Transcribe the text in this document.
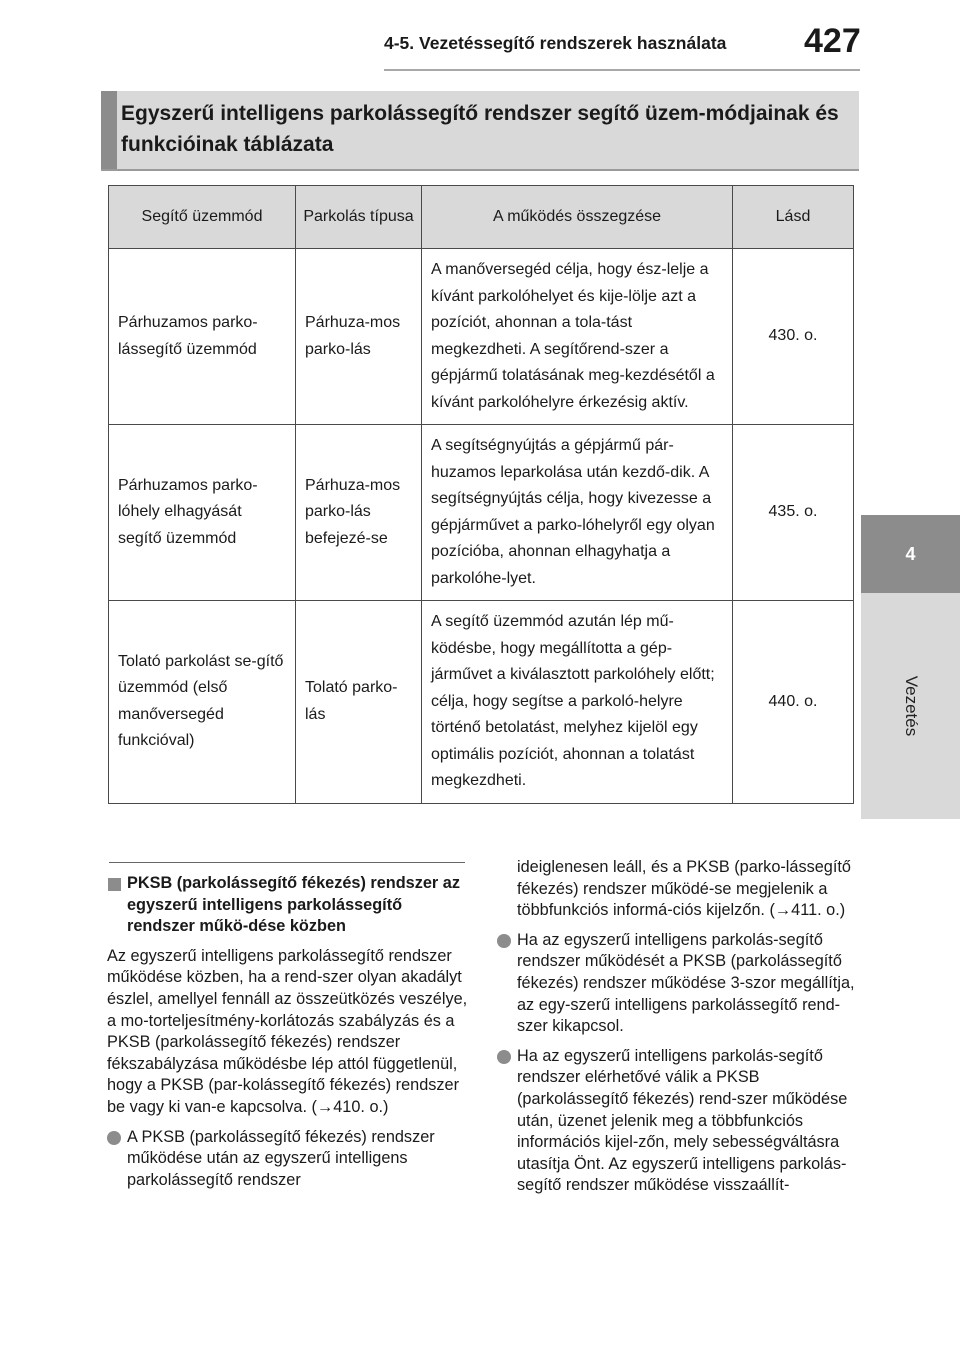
4-5. Vezetéssegítő rendszerek használata 427
4
Vezetés
Egyszerű intelligens parkolássegítő rendszer segítő üzem-módjainak és funkcióinak táblázata
Segítő üzemmód	Parkolás típusa	A működés összegzése	Lásd
Párhuzamos parko-lássegítő üzemmód	Párhuza-mos parko-lás	A manőversegéd célja, hogy ész-lelje a kívánt parkolóhelyet és kije-lölje azt a pozíciót, ahonnan a tola-tást megkezdheti. A segítőrend-szer a gépjármű tolatásának meg-kezdésétől a kívánt parkolóhelyre érkezésig aktív.	430. o.
Párhuzamos parko-lóhely elhagyását segítő üzemmód	Párhuza-mos parko-lás befejezé-se	A segítségnyújtás a gépjármű pár-huzamos leparkolása után kezdő-dik. A segítségnyújtás célja, hogy kivezesse a gépjárművet a parko-lóhelyről egy olyan pozícióba, ahonnan elhagyhatja a parkolóhe-lyet.	435. o.
Tolató parkolást se-gítő üzemmód (első manőversegéd funkcióval)	Tolató parko-lás	A segítő üzemmód azután lép mű-ködésbe, hogy megállította a gép-járművet a kiválasztott parkolóhely előtt; célja, hogy segítse a parkoló-helyre történő betolatást, melyhez kijelöl egy optimális pozíciót, ahonnan a tolatást megkezdheti.	440. o.

PKSB (parkolássegítő fékezés) rendszer az egyszerű intelligens parkolássegítő rendszer műkö-dése közben

Az egyszerű intelligens parkolássegítő rendszer működése közben, ha a rend-szer olyan akadályt észlel, amellyel fennáll az összeütközés veszélye, a mo-torteljesítmény-korlátozás szabályzás és a PKSB (parkolássegítő fékezés) rendszer fékszabályzása működésbe lép attól függetlenül, hogy a PKSB (par-kolássegítő fékezés) rendszer be vagy ki van-e kapcsolva. (→410. o.)

A PKSB (parkolássegítő fékezés) rendszer működése után az egyszerű intelligens parkolássegítő rendszer

ideiglenesen leáll, és a PKSB (parko-lássegítő fékezés) rendszer működé-se megjelenik a többfunkciós informá-ciós kijelzőn. (→411. o.)

Ha az egyszerű intelligens parkolás-segítő rendszer működését a PKSB (parkolássegítő fékezés) rendszer működése 3-szor megállítja, az egy-szerű intelligens parkolássegítő rend-szer kikapcsol.

Ha az egyszerű intelligens parkolás-segítő rendszer elérhetővé válik a PKSB (parkolássegítő fékezés) rend-szer működése után, üzenet jelenik meg a többfunkciós információs kijel-zőn, mely sebességváltásra utasítja Önt. Az egyszerű intelligens parkolás-segítő rendszer működése visszaállít-
